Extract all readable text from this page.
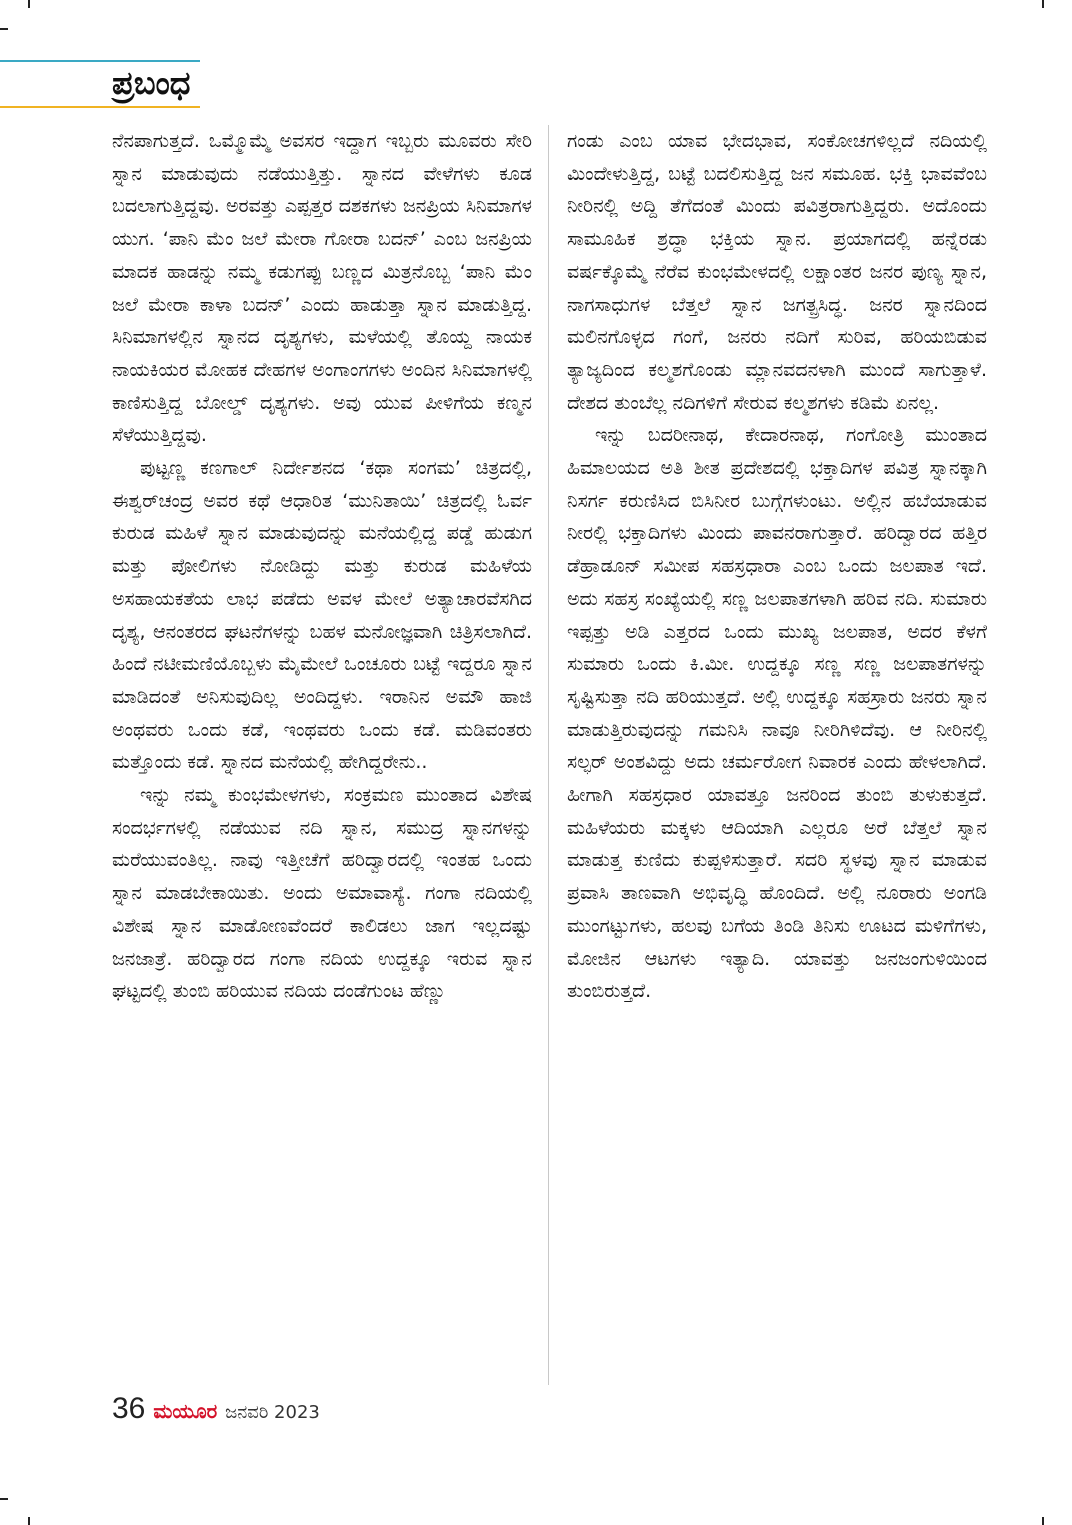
ಪ್ರಬಂಧ

ನೆನಪಾಗುತ್ತದೆ. ಒಮ್ಮೊಮ್ಮೆ ಅವಸರ ಇದ್ದಾಗ ಇಬ್ಬರು ಮೂವರು ಸೇರಿ ಸ್ನಾನ ಮಾಡುವುದು ನಡೆಯುತ್ತಿತ್ತು. ಸ್ನಾನದ ವೇಳೆಗಳು ಕೂಡ ಬದಲಾಗುತ್ತಿದ್ದವು. ಅರವತ್ತು ಎಪ್ಪತ್ತರ ದಶಕಗಳು ಜನಪ್ರಿಯ ಸಿನಿಮಾಗಳ ಯುಗ. ‘ಪಾನಿ ಮೆಂ ಜಲೆ ಮೇರಾ ಗೋರಾ ಬದನ್’ ಎಂಬ ಜನಪ್ರಿಯ ಮಾದಕ ಹಾಡನ್ನು ನಮ್ಮ ಕಡುಗಪ್ಪು ಬಣ್ಣದ ಮಿತ್ರನೊಬ್ಬ ‘ಪಾನಿ ಮೆಂ ಜಲೆ ಮೇರಾ ಕಾಳಾ ಬದನ್’ ಎಂದು ಹಾಡುತ್ತಾ ಸ್ನಾನ ಮಾಡುತ್ತಿದ್ದ. ಸಿನಿಮಾಗಳಲ್ಲಿನ ಸ್ನಾನದ ದೃಶ್ಯಗಳು, ಮಳೆಯಲ್ಲಿ ತೊಯ್ದ ನಾಯಕ ನಾಯಕಿಯರ ಮೋಹಕ ದೇಹಗಳ ಅಂಗಾಂಗಗಳು ಅಂದಿನ ಸಿನಿಮಾಗಳಲ್ಲಿ ಕಾಣಿಸುತ್ತಿದ್ದ ಬೋಲ್ಡ್ ದೃಶ್ಯಗಳು. ಅವು ಯುವ ಪೀಳಿಗೆಯ ಕಣ್ಮನ ಸೆಳೆಯುತ್ತಿದ್ದವು.

ಪುಟ್ಟಣ್ಣ ಕಣಗಾಲ್ ನಿರ್ದೇಶನದ ‘ಕಥಾ ಸಂಗಮ’ ಚಿತ್ರದಲ್ಲಿ, ಈಶ್ವರ್‌ಚಂದ್ರ ಅವರ ಕಥೆ ಆಧಾರಿತ ‘ಮುನಿತಾಯಿ’ ಚಿತ್ರದಲ್ಲಿ ಓರ್ವ ಕುರುಡ ಮಹಿಳೆ ಸ್ನಾನ ಮಾಡುವುದನ್ನು ಮನೆಯಲ್ಲಿದ್ದ ಪಡ್ಡೆ ಹುಡುಗ ಮತ್ತು ಪೋಲಿಗಳು ನೋಡಿದ್ದು ಮತ್ತು ಕುರುಡ ಮಹಿಳೆಯ ಅಸಹಾಯಕತೆಯ ಲಾಭ ಪಡೆದು ಅವಳ ಮೇಲೆ ಅತ್ಯಾಚಾರವೆಸಗಿದ ದೃಶ್ಯ, ಆನಂತರದ ಘಟನೆಗಳನ್ನು ಬಹಳ ಮನೋಜ್ಞವಾಗಿ ಚಿತ್ರಿಸಲಾಗಿದೆ. ಹಿಂದೆ ನಟೀಮಣಿಯೊಬ್ಬಳು ಮೈಮೇಲೆ ಒಂಚೂರು ಬಟ್ಟೆ ಇದ್ದರೂ ಸ್ನಾನ ಮಾಡಿದಂತೆ ಅನಿಸುವುದಿಲ್ಲ ಅಂದಿದ್ದಳು. ಇರಾನಿನ ಅಮೌ ಹಾಜಿ ಅಂಥವರು ಒಂದು ಕಡೆ, ಇಂಥವರು ಒಂದು ಕಡೆ. ಮಡಿವಂತರು ಮತ್ತೊಂದು ಕಡೆ. ಸ್ನಾನದ ಮನೆಯಲ್ಲಿ ಹೇಗಿದ್ದರೇನು..

ಇನ್ನು ನಮ್ಮ ಕುಂಭಮೇಳಗಳು, ಸಂಕ್ರಮಣ ಮುಂತಾದ ವಿಶೇಷ ಸಂದರ್ಭಗಳಲ್ಲಿ ನಡೆಯುವ ನದಿ ಸ್ನಾನ, ಸಮುದ್ರ ಸ್ನಾನಗಳನ್ನು ಮರೆಯುವಂತಿಲ್ಲ. ನಾವು ಇತ್ತೀಚೆಗೆ ಹರಿದ್ವಾರದಲ್ಲಿ ಇಂತಹ ಒಂದು ಸ್ನಾನ ಮಾಡಬೇಕಾಯಿತು. ಅಂದು ಅಮಾವಾಸ್ಯೆ. ಗಂಗಾ ನದಿಯಲ್ಲಿ ವಿಶೇಷ ಸ್ನಾನ ಮಾಡೋಣವೆಂದರೆ ಕಾಲಿಡಲು ಜಾಗ ಇಲ್ಲದಷ್ಟು ಜನಜಾತ್ರೆ. ಹರಿದ್ವಾರದ ಗಂಗಾ ನದಿಯ ಉದ್ದಕ್ಕೂ ಇರುವ ಸ್ನಾನ ಘಟ್ಟದಲ್ಲಿ ತುಂಬಿ ಹರಿಯುವ ನದಿಯ ದಂಡೆಗುಂಟ ಹೆಣ್ಣು

ಗಂಡು ಎಂಬ ಯಾವ ಭೇದಭಾವ, ಸಂಕೋಚಗಳಿಲ್ಲದೆ ನದಿಯಲ್ಲಿ ಮಿಂದೇಳುತ್ತಿದ್ದ, ಬಟ್ಟೆ ಬದಲಿಸುತ್ತಿದ್ದ ಜನ ಸಮೂಹ. ಭಕ್ತಿ ಭಾವವೆಂಬ ನೀರಿನಲ್ಲಿ ಅದ್ದಿ ತೆಗೆದಂತೆ ಮಿಂದು ಪವಿತ್ರರಾಗುತ್ತಿದ್ದರು. ಅದೊಂದು ಸಾಮೂಹಿಕ ಶ್ರದ್ಧಾ ಭಕ್ತಿಯ ಸ್ನಾನ. ಪ್ರಯಾಗದಲ್ಲಿ ಹನ್ನೆರಡು ವರ್ಷಕ್ಕೊಮ್ಮೆ ನೆರೆವ ಕುಂಭಮೇಳದಲ್ಲಿ ಲಕ್ಷಾಂತರ ಜನರ ಪುಣ್ಯ ಸ್ನಾನ, ನಾಗಸಾಧುಗಳ ಬೆತ್ತಲೆ ಸ್ನಾನ ಜಗತ್ಪ್ರಸಿದ್ಧ. ಜನರ ಸ್ನಾನದಿಂದ ಮಲಿನಗೊಳ್ಳದ ಗಂಗೆ, ಜನರು ನದಿಗೆ ಸುರಿವ, ಹರಿಯಬಿಡುವ ತ್ಯಾಜ್ಯದಿಂದ ಕಲ್ಮಶಗೊಂಡು ಮ್ಲಾನವದನಳಾಗಿ ಮುಂದೆ ಸಾಗುತ್ತಾಳೆ. ದೇಶದ ತುಂಬೆಲ್ಲ ನದಿಗಳಿಗೆ ಸೇರುವ ಕಲ್ಮಶಗಳು ಕಡಿಮೆ ಏನಲ್ಲ.

ಇನ್ನು ಬದರೀನಾಥ, ಕೇದಾರನಾಥ, ಗಂಗೋತ್ರಿ ಮುಂತಾದ ಹಿಮಾಲಯದ ಅತಿ ಶೀತ ಪ್ರದೇಶದಲ್ಲಿ ಭಕ್ತಾದಿಗಳ ಪವಿತ್ರ ಸ್ನಾನಕ್ಕಾಗಿ ನಿಸರ್ಗ ಕರುಣಿಸಿದ ಬಿಸಿನೀರ ಬುಗ್ಗೆಗಳುಂಟು. ಅಲ್ಲಿನ ಹಬೆಯಾಡುವ ನೀರಲ್ಲಿ ಭಕ್ತಾದಿಗಳು ಮಿಂದು ಪಾವನರಾಗುತ್ತಾರೆ. ಹರಿದ್ವಾರದ ಹತ್ತಿರ ಡೆಹ್ರಾಡೂನ್ ಸಮೀಪ ಸಹಸ್ರಧಾರಾ ಎಂಬ ಒಂದು ಜಲಪಾತ ಇದೆ. ಅದು ಸಹಸ್ರ ಸಂಖ್ಯೆಯಲ್ಲಿ ಸಣ್ಣ ಜಲಪಾತಗಳಾಗಿ ಹರಿವ ನದಿ. ಸುಮಾರು ಇಪ್ಪತ್ತು ಅಡಿ ಎತ್ತರದ ಒಂದು ಮುಖ್ಯ ಜಲಪಾತ, ಅದರ ಕೆಳಗೆ ಸುಮಾರು ಒಂದು ಕಿ.ಮೀ. ಉದ್ದಕ್ಕೂ ಸಣ್ಣ ಸಣ್ಣ ಜಲಪಾತಗಳನ್ನು ಸೃಷ್ಟಿಸುತ್ತಾ ನದಿ ಹರಿಯುತ್ತದೆ. ಅಲ್ಲಿ ಉದ್ದಕ್ಕೂ ಸಹಸ್ರಾರು ಜನರು ಸ್ನಾನ ಮಾಡುತ್ತಿರುವುದನ್ನು ಗಮನಿಸಿ ನಾವೂ ನೀರಿಗಿಳಿದೆವು. ಆ ನೀರಿನಲ್ಲಿ ಸಲ್ಫರ್ ಅಂಶವಿದ್ದು ಅದು ಚರ್ಮರೋಗ ನಿವಾರಕ ಎಂದು ಹೇಳಲಾಗಿದೆ. ಹೀಗಾಗಿ ಸಹಸ್ರಧಾರ ಯಾವತ್ತೂ ಜನರಿಂದ ತುಂಬಿ ತುಳುಕುತ್ತದೆ. ಮಹಿಳೆಯರು ಮಕ್ಕಳು ಆದಿಯಾಗಿ ಎಲ್ಲರೂ ಅರೆ ಬೆತ್ತಲೆ ಸ್ನಾನ ಮಾಡುತ್ತ ಕುಣಿದು ಕುಪ್ಪಳಿಸುತ್ತಾರೆ. ಸದರಿ ಸ್ಥಳವು ಸ್ನಾನ ಮಾಡುವ ಪ್ರವಾಸಿ ತಾಣವಾಗಿ ಅಭಿವೃದ್ಧಿ ಹೊಂದಿದೆ. ಅಲ್ಲಿ ನೂರಾರು ಅಂಗಡಿ ಮುಂಗಟ್ಟುಗಳು, ಹಲವು ಬಗೆಯ ತಿಂಡಿ ತಿನಿಸು ಊಟದ ಮಳಿಗೆಗಳು, ಮೋಜಿನ ಆಟಗಳು ಇತ್ಯಾದಿ. ಯಾವತ್ತು ಜನಜಂಗುಳಿಯಿಂದ ತುಂಬಿರುತ್ತದೆ.

36 ಮಯೂರ ಜನವರಿ 2023
